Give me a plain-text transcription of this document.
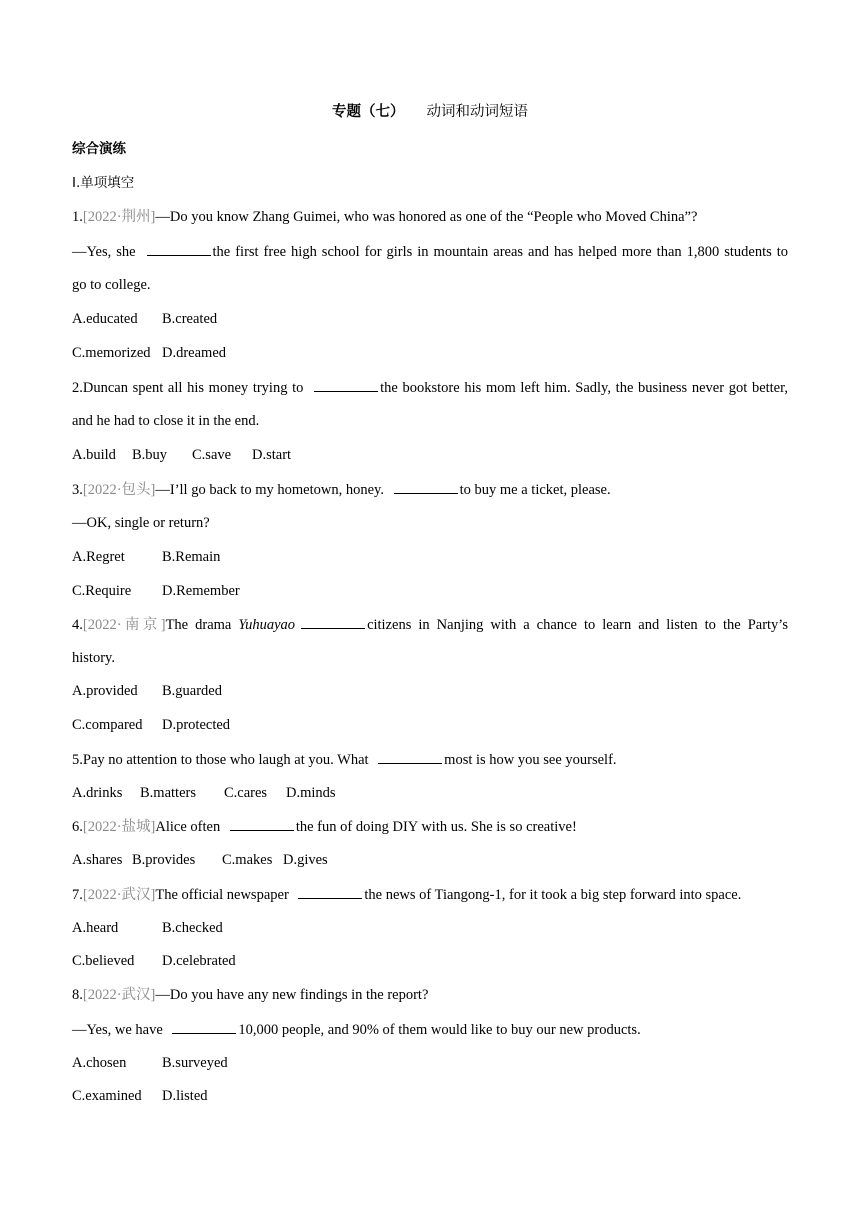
专题（七） 动词和动词短语
综合演练
I.单项填空
1.[2022·荆州]—Do you know Zhang Guimei, who was honored as one of the “People who Moved China”?
—Yes, she	the first free high school for girls in mountain areas and has helped more than 1,800 students to
go to college.
A.educated B.created
C.memorized D.dreamed
2.Duncan spent all his money trying to	the bookstore his mom left him. Sadly, the business never got better,
and he had to close it in the end.
A.build B.buy C.save D.start
3.[2022·包头]—I’ll go back to my hometown, honey.	to buy me a ticket, please.
—OK, single or return?
A.Regret	B.Remain
C.Require D.Remember
4.[2022·南京]The drama Yuhuayao	citizens in Nanjing with a chance to learn and listen to the Party’s
history.
A.provided B.guarded
C.compared D.protected
5.Pay no attention to those who laugh at you. What	most is how you see yourself.
A.drinks B.matters C.cares D.minds
6.[2022·盐城]Alice often	the fun of doing DIY with us. She is so creative!
A.shares B.provides C.makes D.gives
7.[2022·武汉]The official newspaper	the news of Tiangong-1, for it took a big step forward into space.
A.heard	B.checked
C.believed D.celebrated
8.[2022·武汉]—Do you have any new findings in the report?
—Yes, we have	10,000 people, and 90% of them would like to buy our new products.
A.chosen B.surveyed
C.examined D.listed
